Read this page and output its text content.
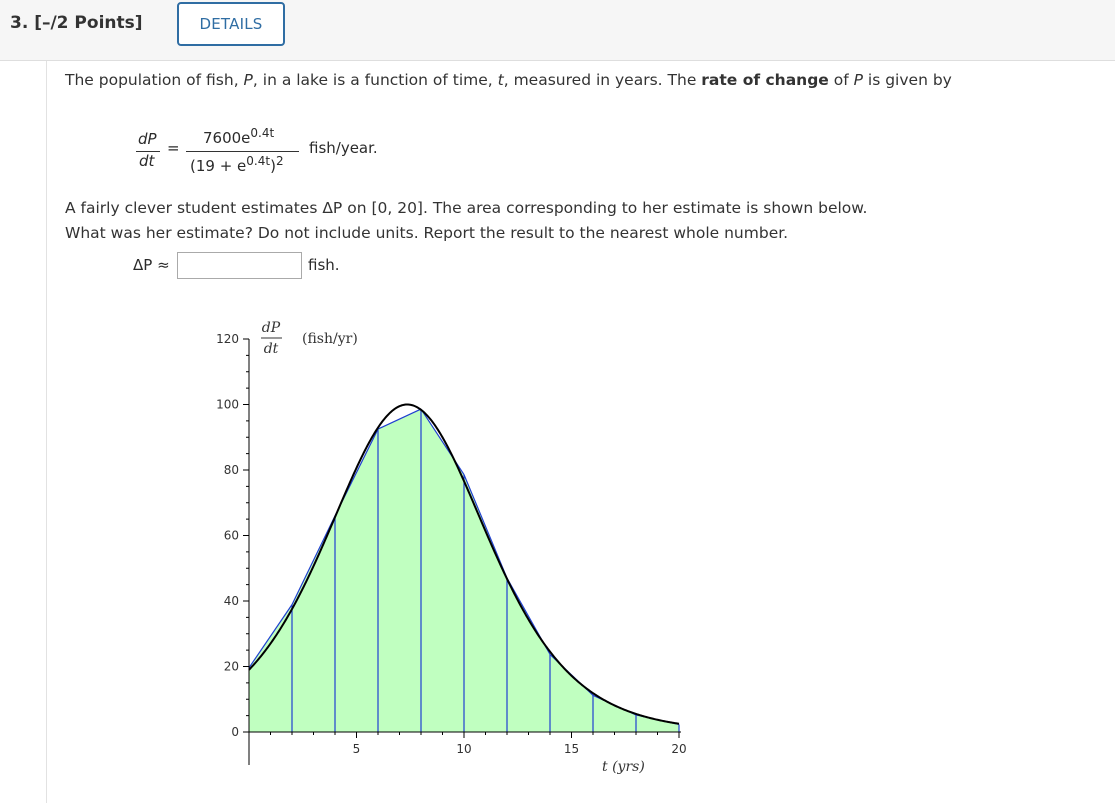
3. [–/2 Points]	DETAILS
The population of fish, P, in a lake is a function of time, t, measured in years. The rate of change of P is given by
dP
dt
=
$7600e^{0.4t}$
$(19 + e^{0.4t})^2$
fish/year.
A fairly clever student estimates ΔP on [0, 20]. The area corresponding to her estimate is shown below.
What was her estimate? Do not include units. Report the result to the nearest whole number.
ΔP ≈	fish.
0
20
40
60
80
100
120
5	10	15	20
dP
dt
(fish/yr)
t (yrs)
